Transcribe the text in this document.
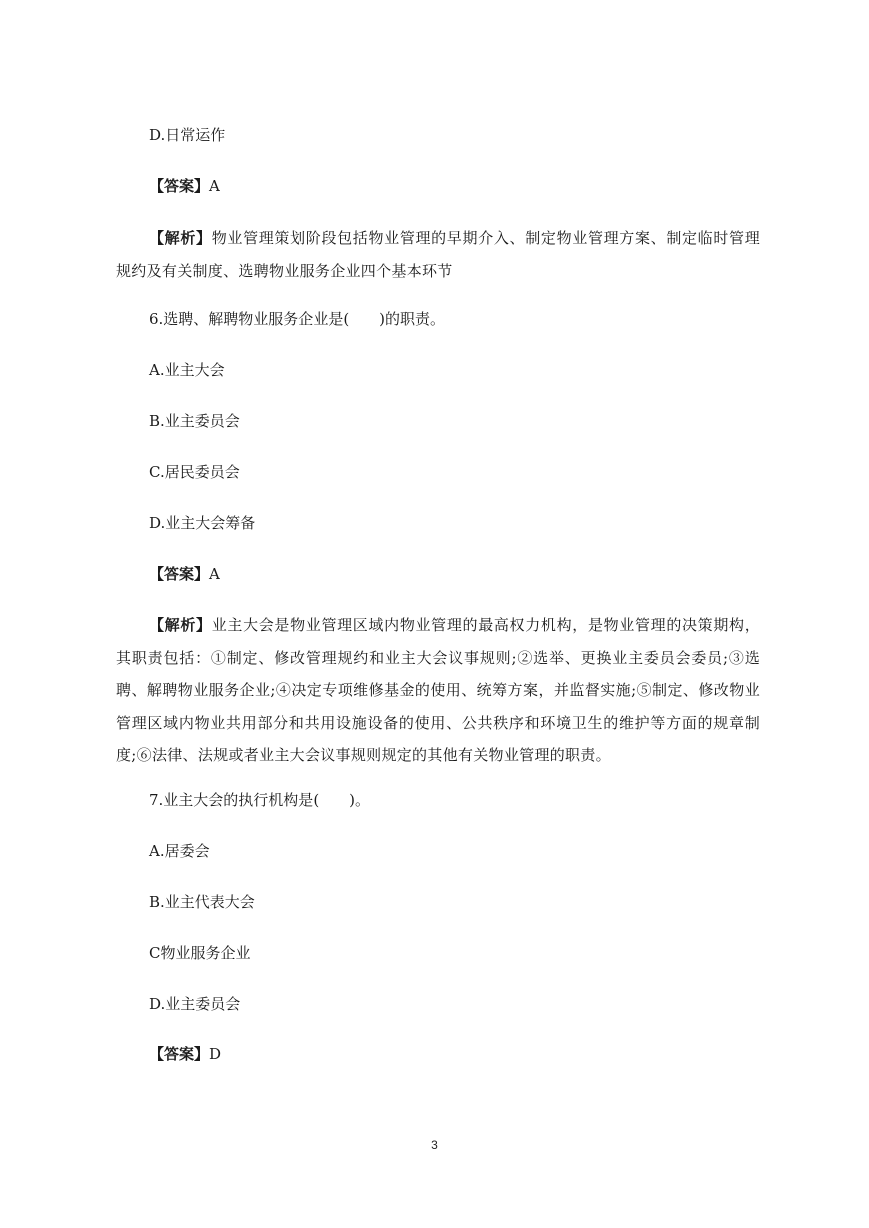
D.日常运作
【答案】A
【解析】物业管理策划阶段包括物业管理的早期介入、制定物业管理方案、制定临时管理规约及有关制度、选聘物业服务企业四个基本环节
6.选聘、解聘物业服务企业是(　　)的职责。
A.业主大会
B.业主委员会
C.居民委员会
D.业主大会筹备
【答案】A
【解析】业主大会是物业管理区域内物业管理的最高权力机构，是物业管理的决策期构，其职责包括：①制定、修改管理规约和业主大会议事规则;②选举、更换业主委员会委员;③选聘、解聘物业服务企业;④决定专项维修基金的使用、统筹方案，并监督实施;⑤制定、修改物业管理区域内物业共用部分和共用设施设备的使用、公共秩序和环境卫生的维护等方面的规章制度;⑥法律、法规或者业主大会议事规则规定的其他有关物业管理的职责。
7.业主大会的执行机构是(　　)。
A.居委会
B.业主代表大会
C物业服务企业
D.业主委员会
【答案】D
3
